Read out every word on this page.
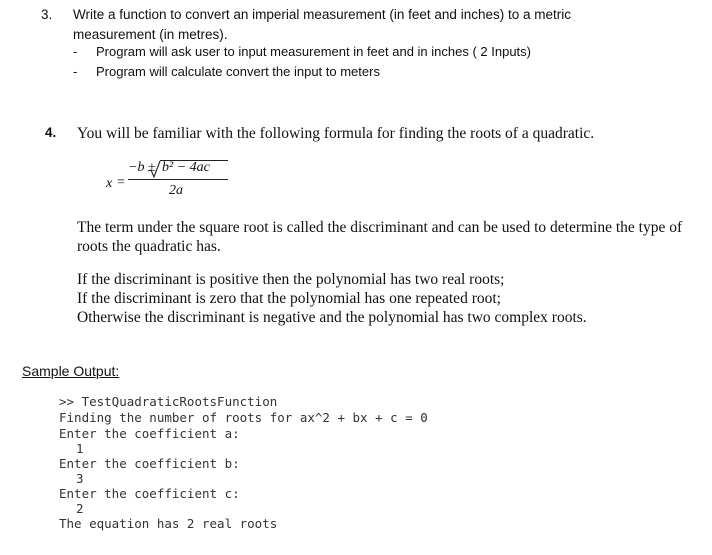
3. Write a function to convert an imperial measurement (in feet and inches) to a metric
measurement (in metres).
- Program will ask user to input measurement in feet and in inches ( 2 Inputs)
- Program will calculate convert the input to meters
4. You will be familiar with the following formula for finding the roots of a quadratic.
x =
−b ± b² − 4ac
2a
The term under the square root is called the discriminant and can be used to determine the type of
roots the quadratic has.
If the discriminant is positive then the polynomial has two real roots;
If the discriminant is zero that the polynomial has one repeated root;
Otherwise the discriminant is negative and the polynomial has two complex roots.
Sample Output:
>> TestQuadraticRootsFunction
Finding the number of roots for ax^2 + bx + c = 0
Enter the coefficient a:
1
Enter the coefficient b:
3
Enter the coefficient c:
2
The equation has 2 real roots
